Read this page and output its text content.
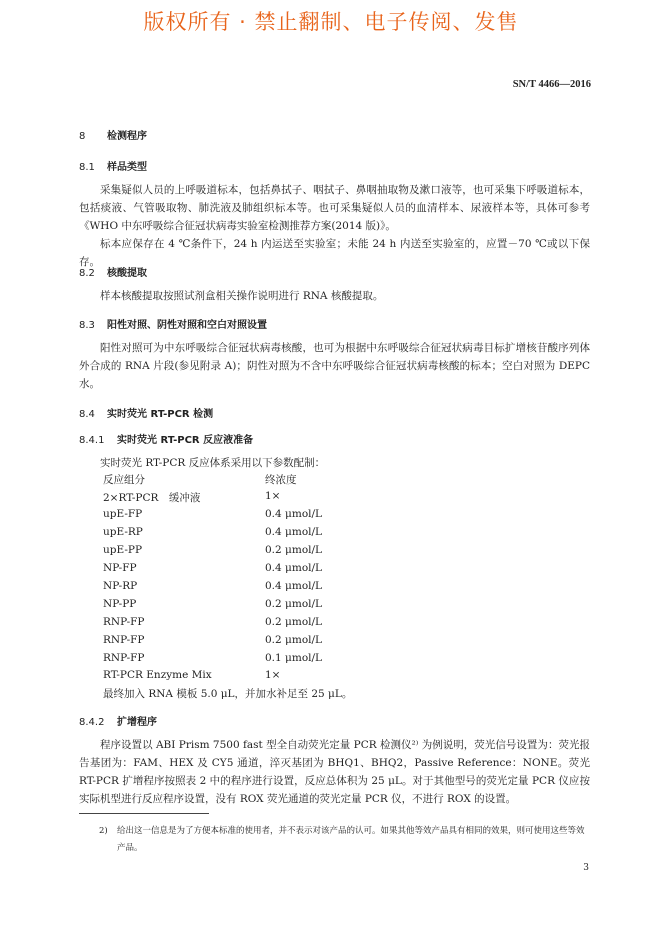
版权所有 · 禁止翻制、电子传阅、发售
SN/T 4466—2016
8 检测程序
8.1 样品类型

采集疑似人员的上呼吸道标本，包括鼻拭子、咽拭子、鼻咽抽取物及漱口液等，也可采集下呼吸道标本，包括痰液、气管吸取物、肺洗液及肺组织标本等。也可采集疑似人员的血清样本、尿液样本等，具体可参考《WHO 中东呼吸综合征冠状病毒实验室检测推荐方案(2014 版)》。

标本应保存在 4 ℃条件下，24 h 内运送至实验室；未能 24 h 内送至实验室的，应置－70 ℃或以下保存。

8.2 核酸提取

样本核酸提取按照试剂盒相关操作说明进行 RNA 核酸提取。

8.3 阳性对照、阴性对照和空白对照设置

阳性对照可为中东呼吸综合征冠状病毒核酸，也可为根据中东呼吸综合征冠状病毒目标扩增核苷酸序列体外合成的 RNA 片段(参见附录 A)；阴性对照为不含中东呼吸综合征冠状病毒核酸的标本；空白对照为 DEPC 水。

8.4 实时荧光 RT-PCR 检测
8.4.1 实时荧光 RT-PCR 反应液准备

实时荧光 RT-PCR 反应体系采用以下参数配制：

反应组分	终浓度
2×RT-PCR　缓冲液	1×
upE-FP	0.4 μmol/L
upE-RP	0.4 μmol/L
upE-PP	0.2 μmol/L
NP-FP	0.4 μmol/L
NP-RP	0.4 μmol/L
NP-PP	0.2 μmol/L
RNP-FP	0.2 μmol/L
RNP-FP	0.2 μmol/L
RNP-FP	0.1 μmol/L
RT-PCR Enzyme Mix	1×
最终加入 RNA 模板 5.0 μL，并加水补足至 25 μL。
8.4.2 扩增程序

程序设置以 ABI Prism 7500 fast 型全自动荧光定量 PCR 检测仪²⁾ 为例说明，荧光信号设置为：荧光报告基团为：FAM、HEX 及 CY5 通道，淬灭基团为 BHQ1、BHQ2，Passive Reference：NONE。荧光 RT-PCR 扩增程序按照表 2 中的程序进行设置，反应总体积为 25 μL。对于其他型号的荧光定量 PCR 仪应按实际机型进行反应程序设置，没有 ROX 荧光通道的荧光定量 PCR 仪，不进行 ROX 的设置。

2) 给出这一信息是为了方便本标准的使用者，并不表示对该产品的认可。如果其他等效产品具有相同的效果，则可使用这些等效产品。
3
